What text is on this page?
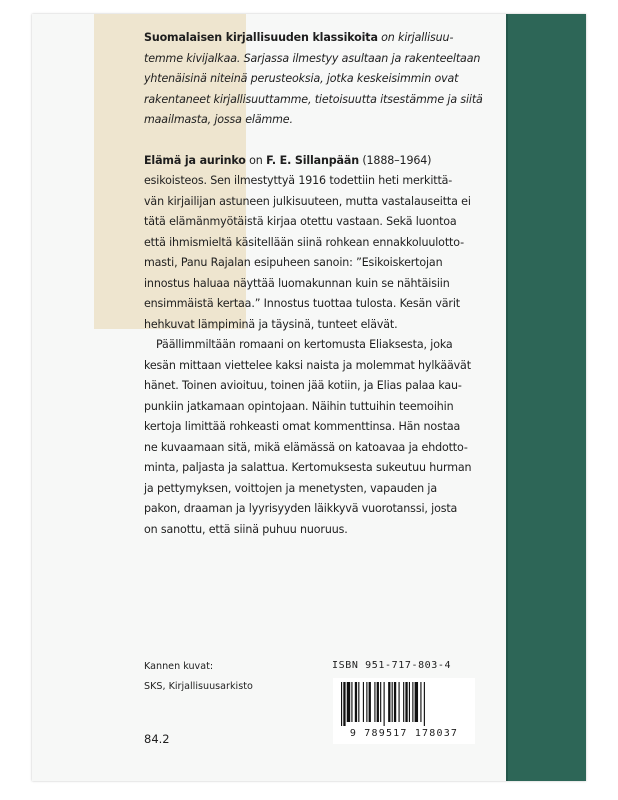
Suomalaisen kirjallisuuden klassikoita on kirjallisuu-
temme kivijalkaa. Sarjassa ilmestyy asultaan ja rakenteeltaan
yhtenäisinä niteinä perusteoksia, jotka keskeisimmin ovat
rakentaneet kirjallisuuttamme, tietoisuutta itsestämme ja siitä
maailmasta, jossa elämme.

Elämä ja aurinko on F. E. Sillanpään (1888–1964)
esikoisteos. Sen ilmestyttyä 1916 todettiin heti merkittä-
vän kirjailijan astuneen julkisuuteen, mutta vastalauseitta ei
tätä elämänmyötäistä kirjaa otettu vastaan. Sekä luontoa
että ihmismieltä käsitellään siinä rohkean ennakkoluulotto-
masti, Panu Rajalan esipuheen sanoin: ”Esikoiskertojan
innostus haluaa näyttää luomakunnan kuin se nähtäisiin
ensimmäistä kertaa.” Innostus tuottaa tulosta. Kesän värit
hehkuvat lämpiminä ja täysinä, tunteet elävät.

Päällimmiltään romaani on kertomusta Eliaksesta, joka
kesän mittaan viettelee kaksi naista ja molemmat hylkäävät
hänet. Toinen avioituu, toinen jää kotiin, ja Elias palaa kau-
punkiin jatkamaan opintojaan. Näihin tuttuihin teemoihin
kertoja limittää rohkeasti omat kommenttinsa. Hän nostaa
ne kuvaamaan sitä, mikä elämässä on katoavaa ja ehdotto-
minta, paljasta ja salattua. Kertomuksesta sukeutuu hurman
ja pettymyksen, voittojen ja menetysten, vapauden ja
pakon, draaman ja lyyrisyyden läikkyvä vuorotanssi, josta
on sanottu, että siinä puhuu nuoruus.

Kannen kuvat:
SKS, Kirjallisuusarkisto
84.2
ISBN 951-717-803-4
9 789517 178037
